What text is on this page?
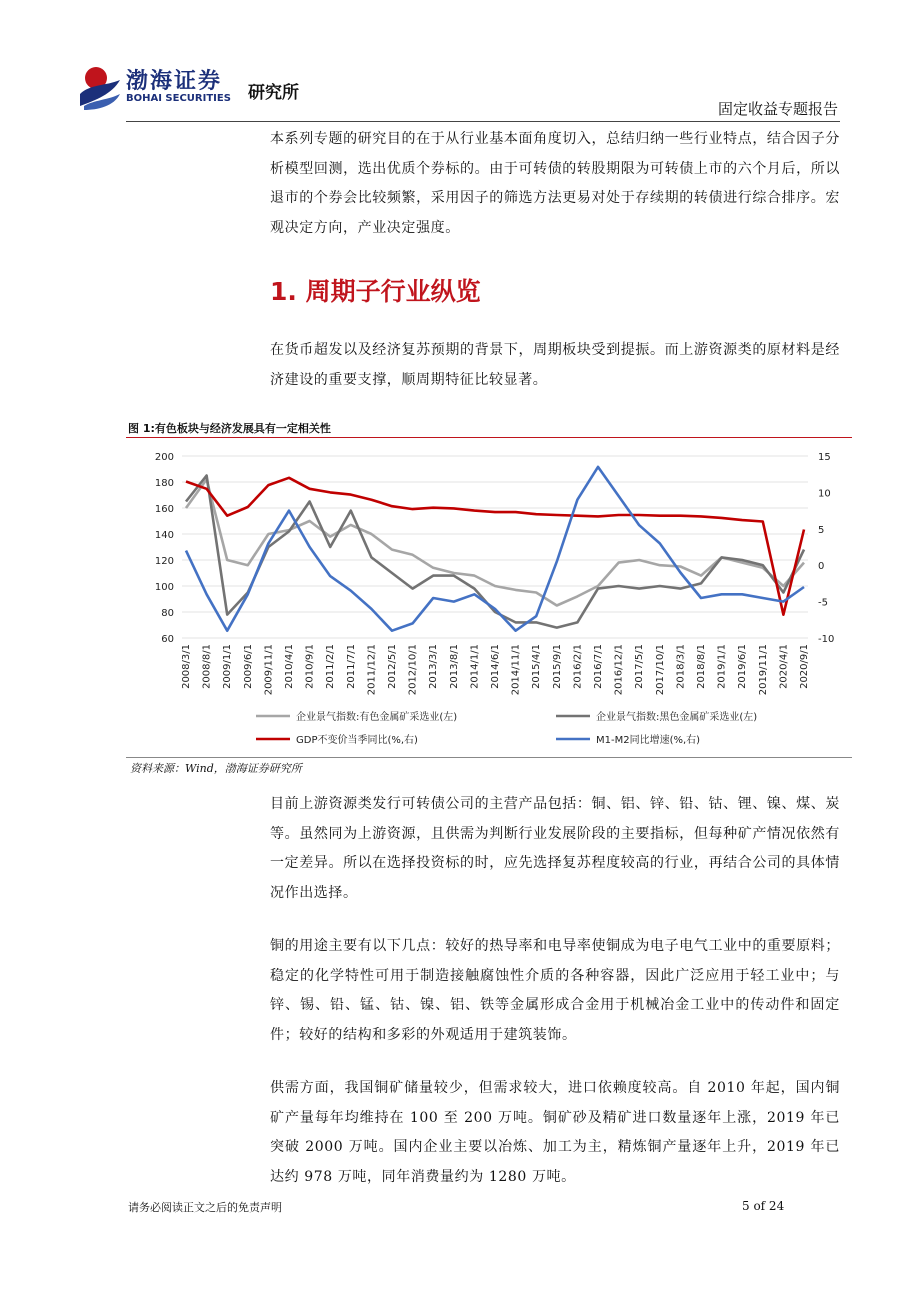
渤海证券
BOHAI SECURITIES 研究所
固定收益专题报告
本系列专题的研究目的在于从行业基本面角度切入，总结归纳一些行业特点，结合因子分析模型回测，选出优质个券标的。由于可转债的转股期限为可转债上市的六个月后，所以退市的个券会比较频繁，采用因子的筛选方法更易对处于存续期的转债进行综合排序。宏观决定方向，产业决定强度。
1. 周期子行业纵览
在货币超发以及经济复苏预期的背景下，周期板块受到提振。而上游资源类的原材料是经济建设的重要支撑，顺周期特征比较显著。
图 1:有色板块与经济发展具有一定相关性
60
80
100
120
140
160
180
200
-10
-5
0
5
10
15
2008/3/1 2008/8/1 2009/1/1 2009/6/1 2009/11/1 2010/4/1 2010/9/1 2011/2/1 2011/7/1 2011/12/1 2012/5/1 2012/10/1 2013/3/1 2013/8/1 2014/1/1 2014/6/1 2014/11/1 2015/4/1 2015/9/1 2016/2/1 2016/7/1 2016/12/1 2017/5/1 2017/10/1 2018/3/1 2018/8/1 2019/1/1 2019/6/1 2019/11/1 2020/4/1 2020/9/1
企业景气指数:有色金属矿采选业(左)	企业景气指数:黑色金属矿采选业(左)
GDP不变价当季同比(%,右)	M1-M2同比增速(%,右)
资料来源：Wind，渤海证券研究所
目前上游资源类发行可转债公司的主营产品包括：铜、铝、锌、铅、钴、锂、镍、煤、炭等。虽然同为上游资源，且供需为判断行业发展阶段的主要指标，但每种矿产情况依然有一定差异。所以在选择投资标的时，应先选择复苏程度较高的行业，再结合公司的具体情况作出选择。
铜的用途主要有以下几点：较好的热导率和电导率使铜成为电子电气工业中的重要原料；稳定的化学特性可用于制造接触腐蚀性介质的各种容器，因此广泛应用于轻工业中；与锌、锡、铅、锰、钴、镍、铝、铁等金属形成合金用于机械冶金工业中的传动件和固定件；较好的结构和多彩的外观适用于建筑装饰。
供需方面，我国铜矿储量较少，但需求较大，进口依赖度较高。自 2010 年起，国内铜矿产量每年均维持在 100 至 200 万吨。铜矿砂及精矿进口数量逐年上涨，2019 年已突破 2000 万吨。国内企业主要以冶炼、加工为主，精炼铜产量逐年上升，2019 年已达约 978 万吨，同年消费量约为 1280 万吨。
请务必阅读正文之后的免责声明	5 of 24
